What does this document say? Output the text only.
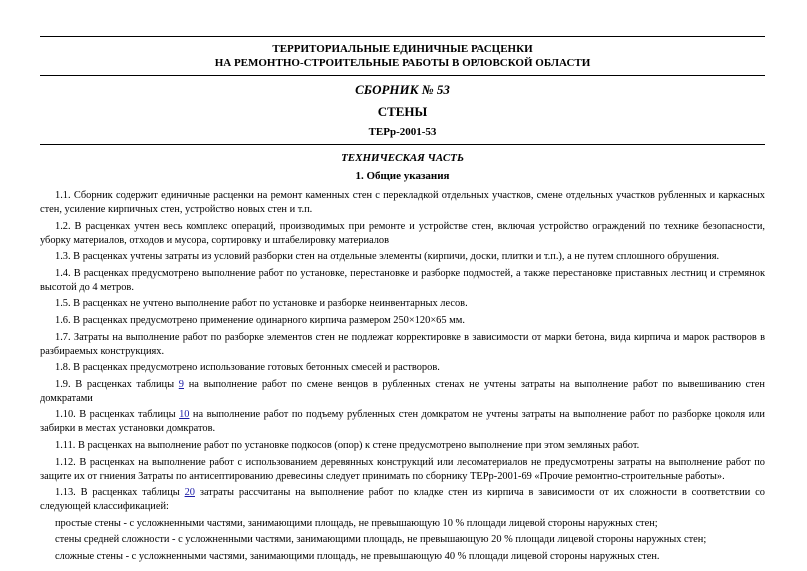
ТЕРРИТОРИАЛЬНЫЕ ЕДИНИЧНЫЕ РАСЦЕНКИ
НА РЕМОНТНО-СТРОИТЕЛЬНЫЕ РАБОТЫ В ОРЛОВСКОЙ ОБЛАСТИ
СБОРНИК № 53
СТЕНЫ
ТЕРр-2001-53
ТЕХНИЧЕСКАЯ ЧАСТЬ
1. Общие указания

1.1. Сборник содержит единичные расценки на ремонт каменных стен с перекладкой отдельных участков, смене отдельных участков рубленных и каркасных стен, усиление кирпичных стен, устройство новых стен и т.п.

1.2. В расценках учтен весь комплекс операций, производимых при ремонте и устройстве стен, включая устройство ограждений по технике безопасности, уборку материалов, отходов и мусора, сортировку и штабелировку материалов

1.3. В расценках учтены затраты из условий разборки стен на отдельные элементы (кирпичи, доски, плитки и т.п.), а не путем сплошного обрушения.

1.4. В расценках предусмотрено выполнение работ по установке, перестановке и разборке подмостей, а также перестановке приставных лестниц и стремянок высотой до 4 метров.

1.5. В расценках не учтено выполнение работ по установке и разборке неинвентарных лесов.

1.6. В расценках предусмотрено применение одинарного кирпича размером 250×120×65 мм.

1.7. Затраты на выполнение работ по разборке элементов стен не подлежат корректировке в зависимости от марки бетона, вида кирпича и марок растворов в разбираемых конструкциях.

1.8. В расценках предусмотрено использование готовых бетонных смесей и растворов.

1.9. В расценках таблицы 9 на выполнение работ по смене венцов в рубленных стенах не учтены затраты на выполнение работ по вывешиванию стен домкратами

1.10. В расценках таблицы 10 на выполнение работ по подъему рубленных стен домкратом не учтены затраты на выполнение работ по разборке цоколя или забирки в местах установки домкратов.

1.11. В расценках на выполнение работ по установке подкосов (опор) к стене предусмотрено выполнение при этом земляных работ.

1.12. В расценках на выполнение работ с использованием деревянных конструкций или лесоматериалов не предусмотрены затраты на выполнение работ по защите их от гниения Затраты по антисептированию древесины следует принимать по сборнику ТЕРр-2001-69 «Прочие ремонтно-строительные работы».

1.13. В расценках таблицы 20 затраты рассчитаны на выполнение работ по кладке стен из кирпича в зависимости от их сложности в соответствии со следующей классификацией:

простые стены - с усложненными частями, занимающими площадь, не превышающую 10 % площади лицевой стороны наружных стен;

стены средней сложности - с усложненными частями, занимающими площадь, не превышающую 20 % площади лицевой стороны наружных стен;

сложные стены - с усложненными частями, занимающими площадь, не превышающую 40 % площади лицевой стороны наружных стен.
